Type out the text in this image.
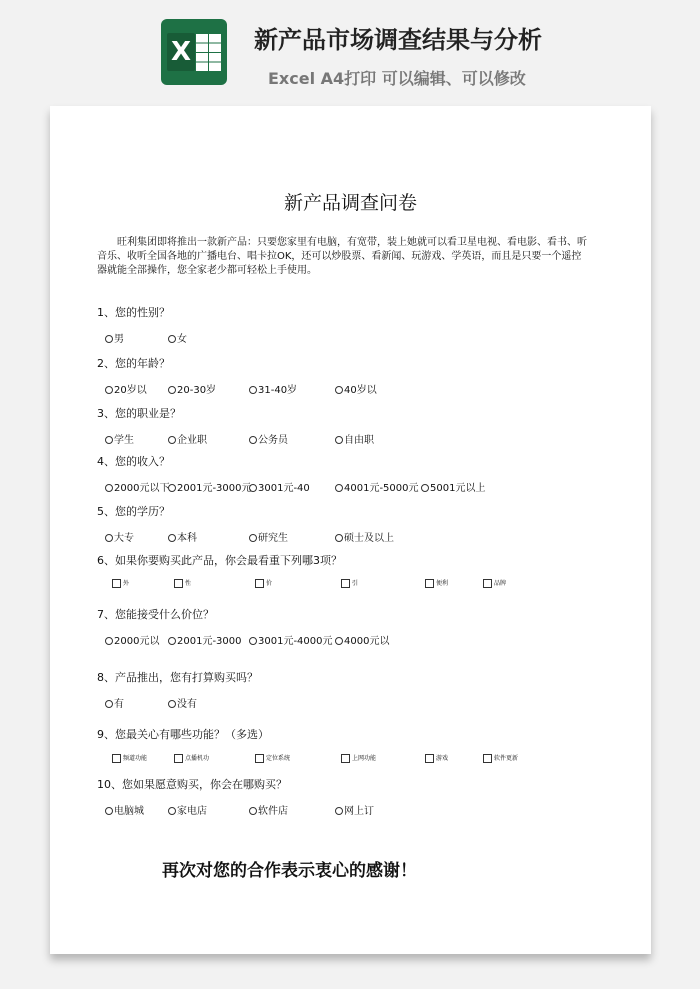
X	新产品市场调查结果与分析
Excel A4打印 可以编辑、可以修改
新产品调查问卷
旺利集团即将推出一款新产品：只要您家里有电脑，有宽带，装上她就可以看卫星电视、看电影、看书、听音乐、收听全国各地的广播电台、唱卡拉OK，还可以炒股票、看新闻、玩游戏、学英语，而且是只要一个遥控器就能全部操作，您全家老少都可轻松上手使用。
1、您的性别？
男	女
2、您的年龄？
20岁以	20-30岁	31-40岁	40岁以
3、您的职业是？
学生	企业职	公务员	自由职
4、您的收入？
2000元以下 2001元-3000元 3001元-40	4001元-5000元	5001元以上
5、您的学历？
大专	本科	研究生	硕士及以上
6、如果你要购买此产品，你会最看重下列哪3项？
外	性	价	引	便利	品牌
7、您能接受什么价位？
2000元以	2001元-3000	3001元-4000元	4000元以
8、产品推出，您有打算购买吗？
有	没有
9、您最关心有哪些功能？（多选）
频道功能	点播机功	定位系统	上网功能	游戏	软件更新
10、您如果愿意购买，你会在哪购买？
电脑城	家电店	软件店	网上订
再次对您的合作表示衷心的感谢！
